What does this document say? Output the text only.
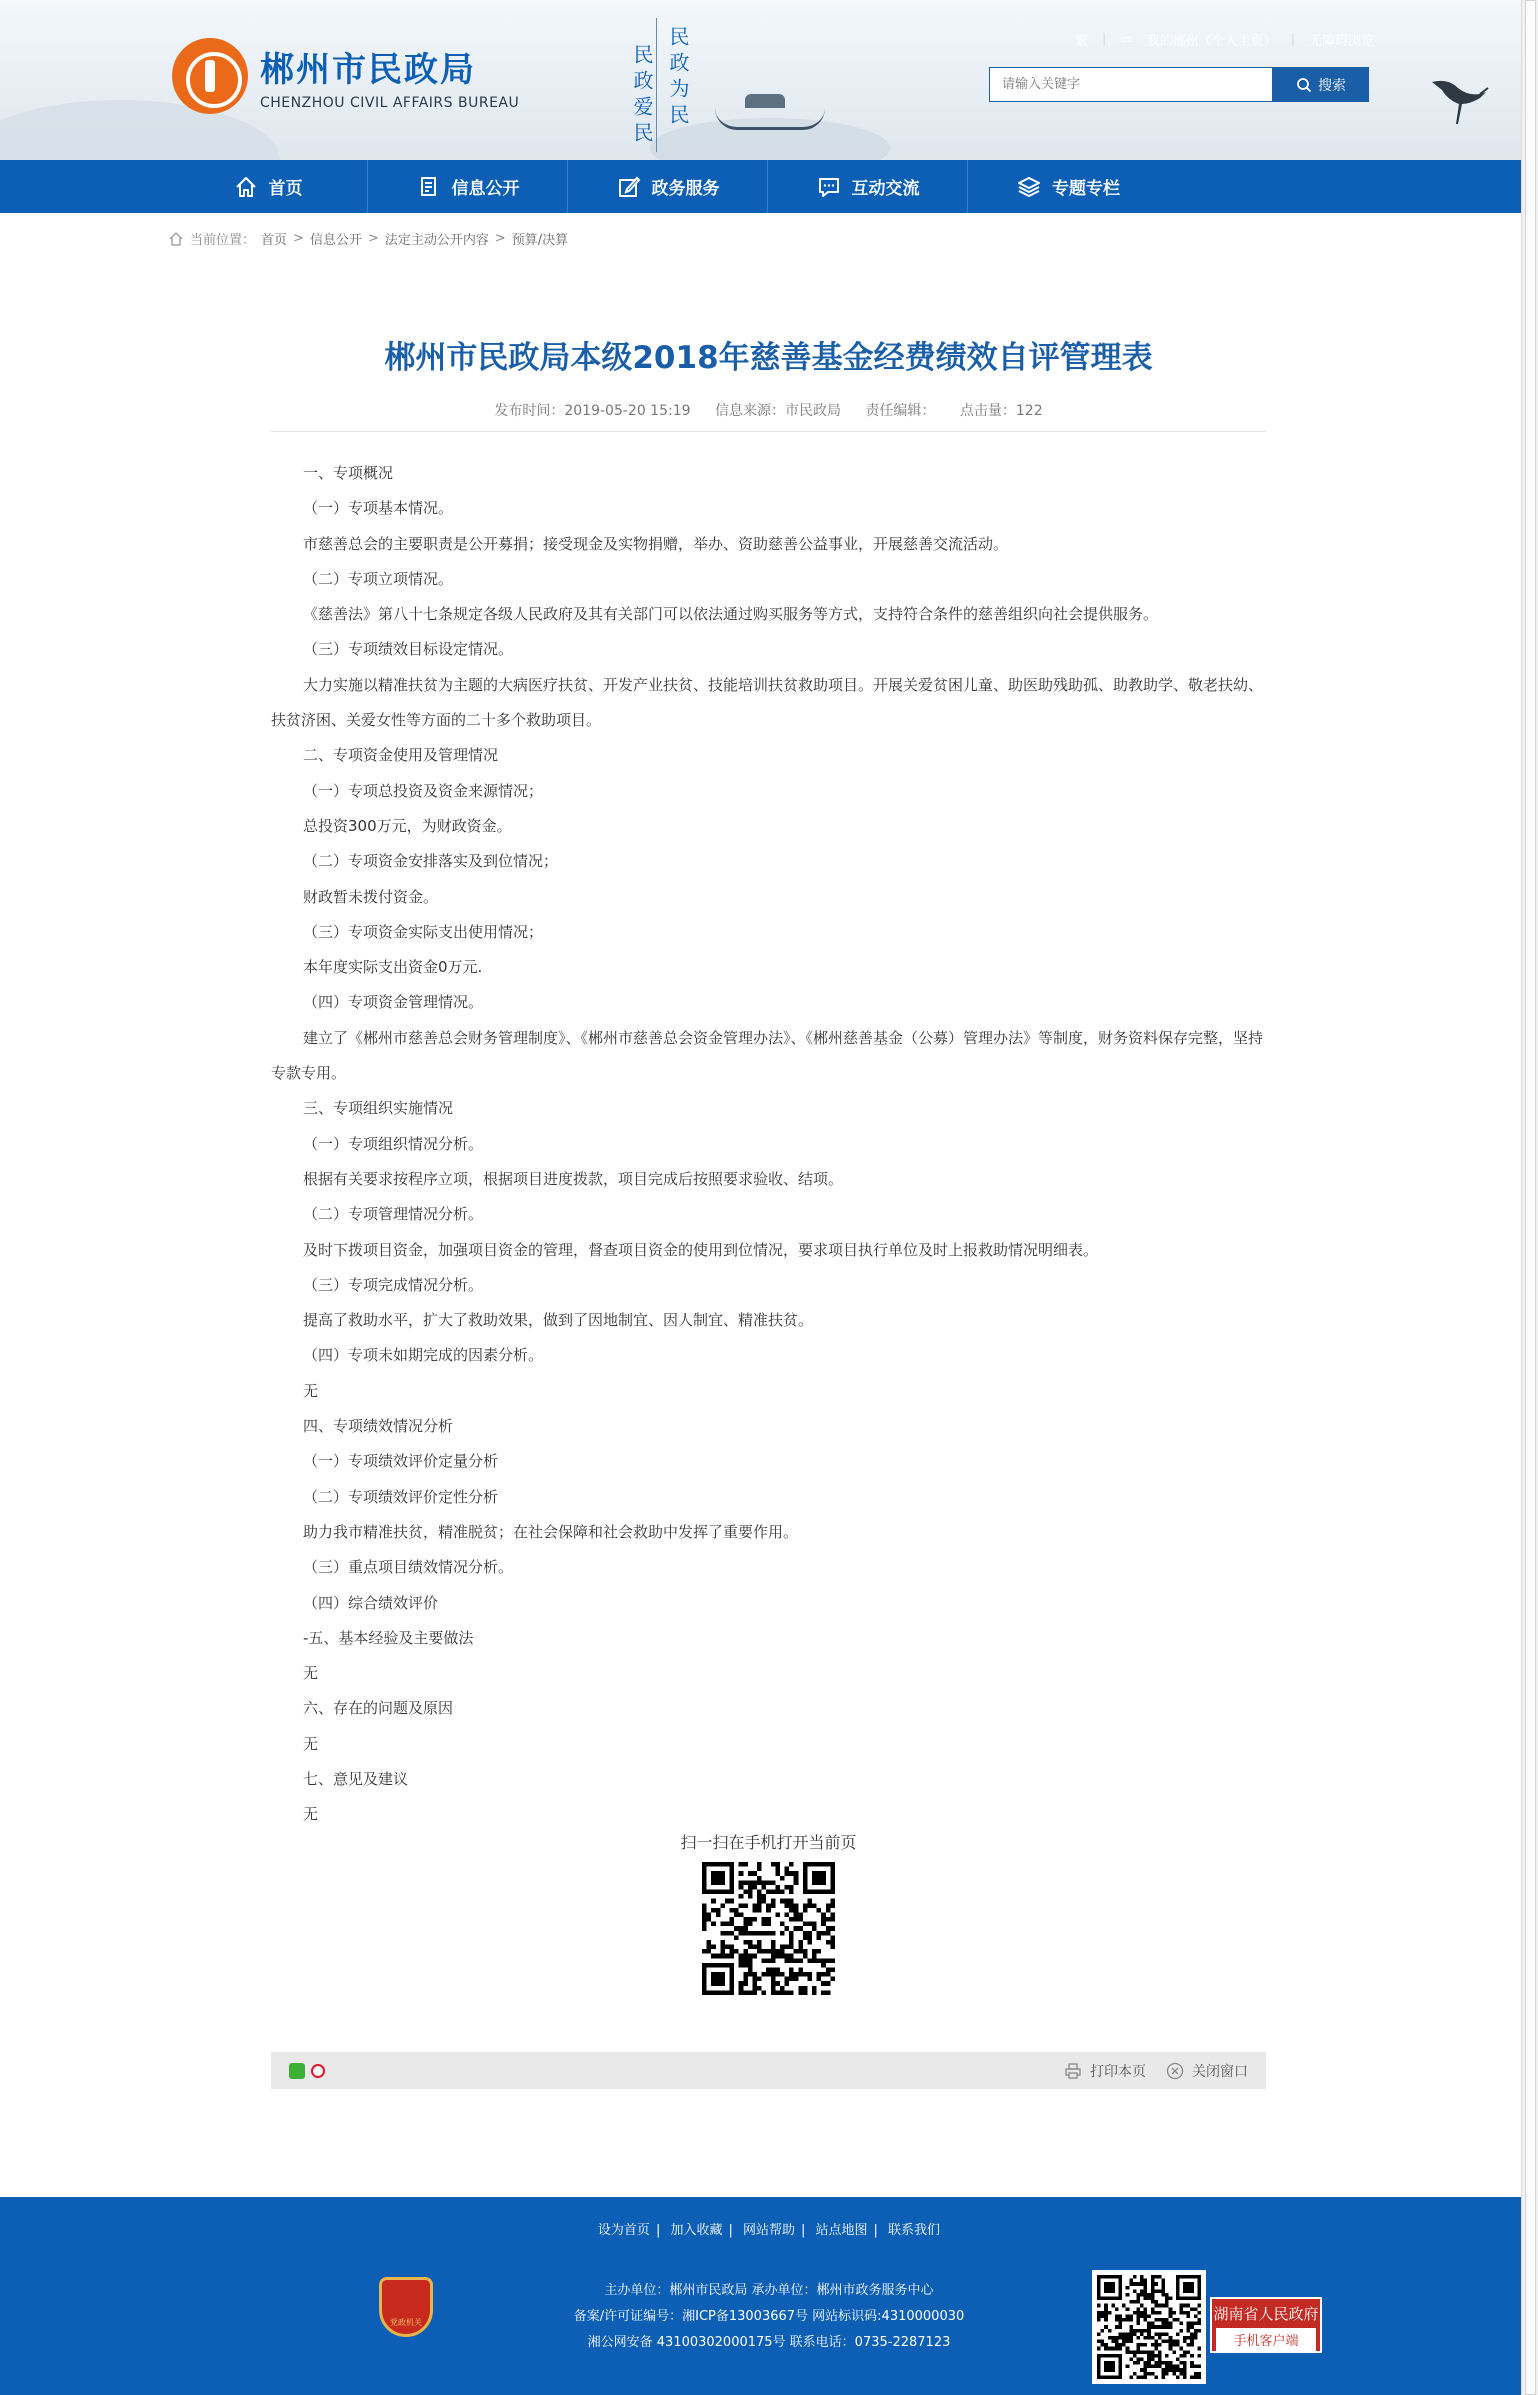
郴州市民政局
CHENZHOU CIVIL AFFAIRS BUREAU	民政为民
民政爱民
繁 | ▭ 我的郴州（个人主页） | 无障碍浏览
请输入关键字
搜索
首页	信息公开	政务服务	互动交流	专题专栏
当前位置： 首页 > 信息公开 > 法定主动公开内容 > 预算/决算
郴州市民政局本级2018年慈善基金经费绩效自评管理表
发布时间：2019-05-20 15:19 信息来源：市民政局 责任编辑： 点击量：122

一、专项概况

（一）专项基本情况。

市慈善总会的主要职责是公开募捐；接受现金及实物捐赠，举办、资助慈善公益事业，开展慈善交流活动。

（二）专项立项情况。

《慈善法》第八十七条规定各级人民政府及其有关部门可以依法通过购买服务等方式，支持符合条件的慈善组织向社会提供服务。

（三）专项绩效目标设定情况。

大力实施以精准扶贫为主题的大病医疗扶贫、开发产业扶贫、技能培训扶贫救助项目。开展关爱贫困儿童、助医助残助孤、助教助学、敬老扶幼、扶贫济困、关爱女性等方面的二十多个救助项目。

二、专项资金使用及管理情况

（一）专项总投资及资金来源情况；

总投资300万元，为财政资金。

（二）专项资金安排落实及到位情况；

财政暂未拨付资金。

（三）专项资金实际支出使用情况；

本年度实际支出资金0万元.

（四）专项资金管理情况。

建立了《郴州市慈善总会财务管理制度》、《郴州市慈善总会资金管理办法》、《郴州慈善基金（公募）管理办法》等制度，财务资料保存完整，坚持专款专用。

三、专项组织实施情况

（一）专项组织情况分析。

根据有关要求按程序立项，根据项目进度拨款，项目完成后按照要求验收、结项。

（二）专项管理情况分析。

及时下拨项目资金，加强项目资金的管理，督查项目资金的使用到位情况，要求项目执行单位及时上报救助情况明细表。

（三）专项完成情况分析。

提高了救助水平，扩大了救助效果，做到了因地制宜、因人制宜、精准扶贫。

（四）专项未如期完成的因素分析。

无

四、专项绩效情况分析

（一）专项绩效评价定量分析

（二）专项绩效评价定性分析

助力我市精准扶贫，精准脱贫；在社会保障和社会救助中发挥了重要作用。

（三）重点项目绩效情况分析。

（四）综合绩效评价

-五、基本经验及主要做法

无

六、存在的问题及原因

无

七、意见及建议

无

扫一扫在手机打开当前页
打印本页	关闭窗口
设为首页 | 加入收藏 | 网站帮助 | 站点地图 | 联系我们
党政机关
主办单位：郴州市民政局 承办单位：郴州市政务服务中心
备案/许可证编号：湘ICP备13003667号 网站标识码:4310000030
湘公网安备 43100302000175号 联系电话：0735-2287123
湖南省人民政府
手机客户端
